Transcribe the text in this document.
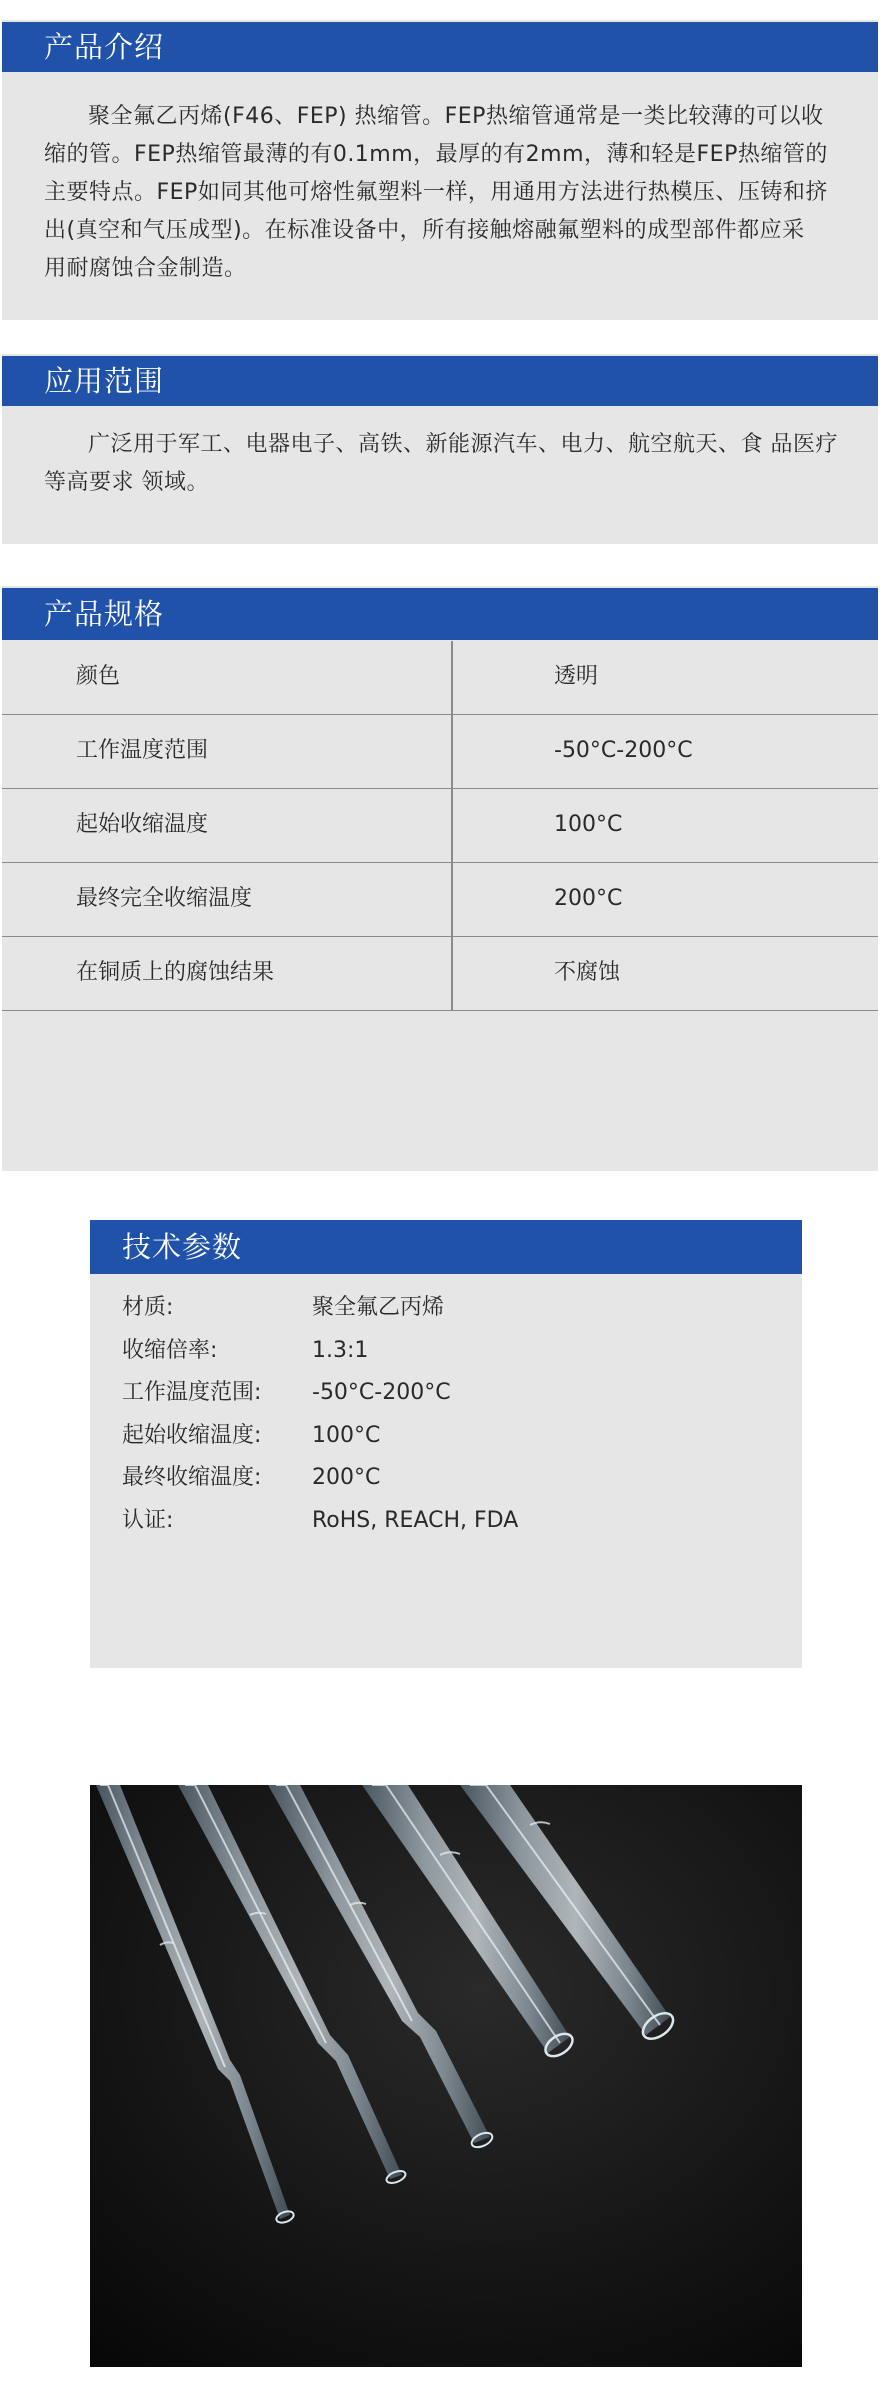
产品介绍
聚全氟乙丙烯(F46、FEP) 热缩管。FEP热缩管通常是一类比较薄的可以收
缩的管。FEP热缩管最薄的有0.1mm，最厚的有2mm，薄和轻是FEP热缩管的
主要特点。FEP如同其他可熔性氟塑料一样，用通用方法进行热模压、压铸和挤
出(真空和气压成型)。在标准设备中，所有接触熔融氟塑料的成型部件都应采
用耐腐蚀合金制造。
应用范围
广泛用于军工、电器电子、高铁、新能源汽车、电力、航空航天、食 品医疗
等高要求 领域。
产品规格
颜色	透明
工作温度范围	-50°C-200°C
起始收缩温度	100°C
最终完全收缩温度	200°C
在铜质上的腐蚀结果	不腐蚀
技术参数
材质:	聚全氟乙丙烯
收缩倍率:	1.3:1
工作温度范围: -50°C-200°C
起始收缩温度: 100°C
最终收缩温度: 200°C
认证:	RoHS, REACH, FDA
